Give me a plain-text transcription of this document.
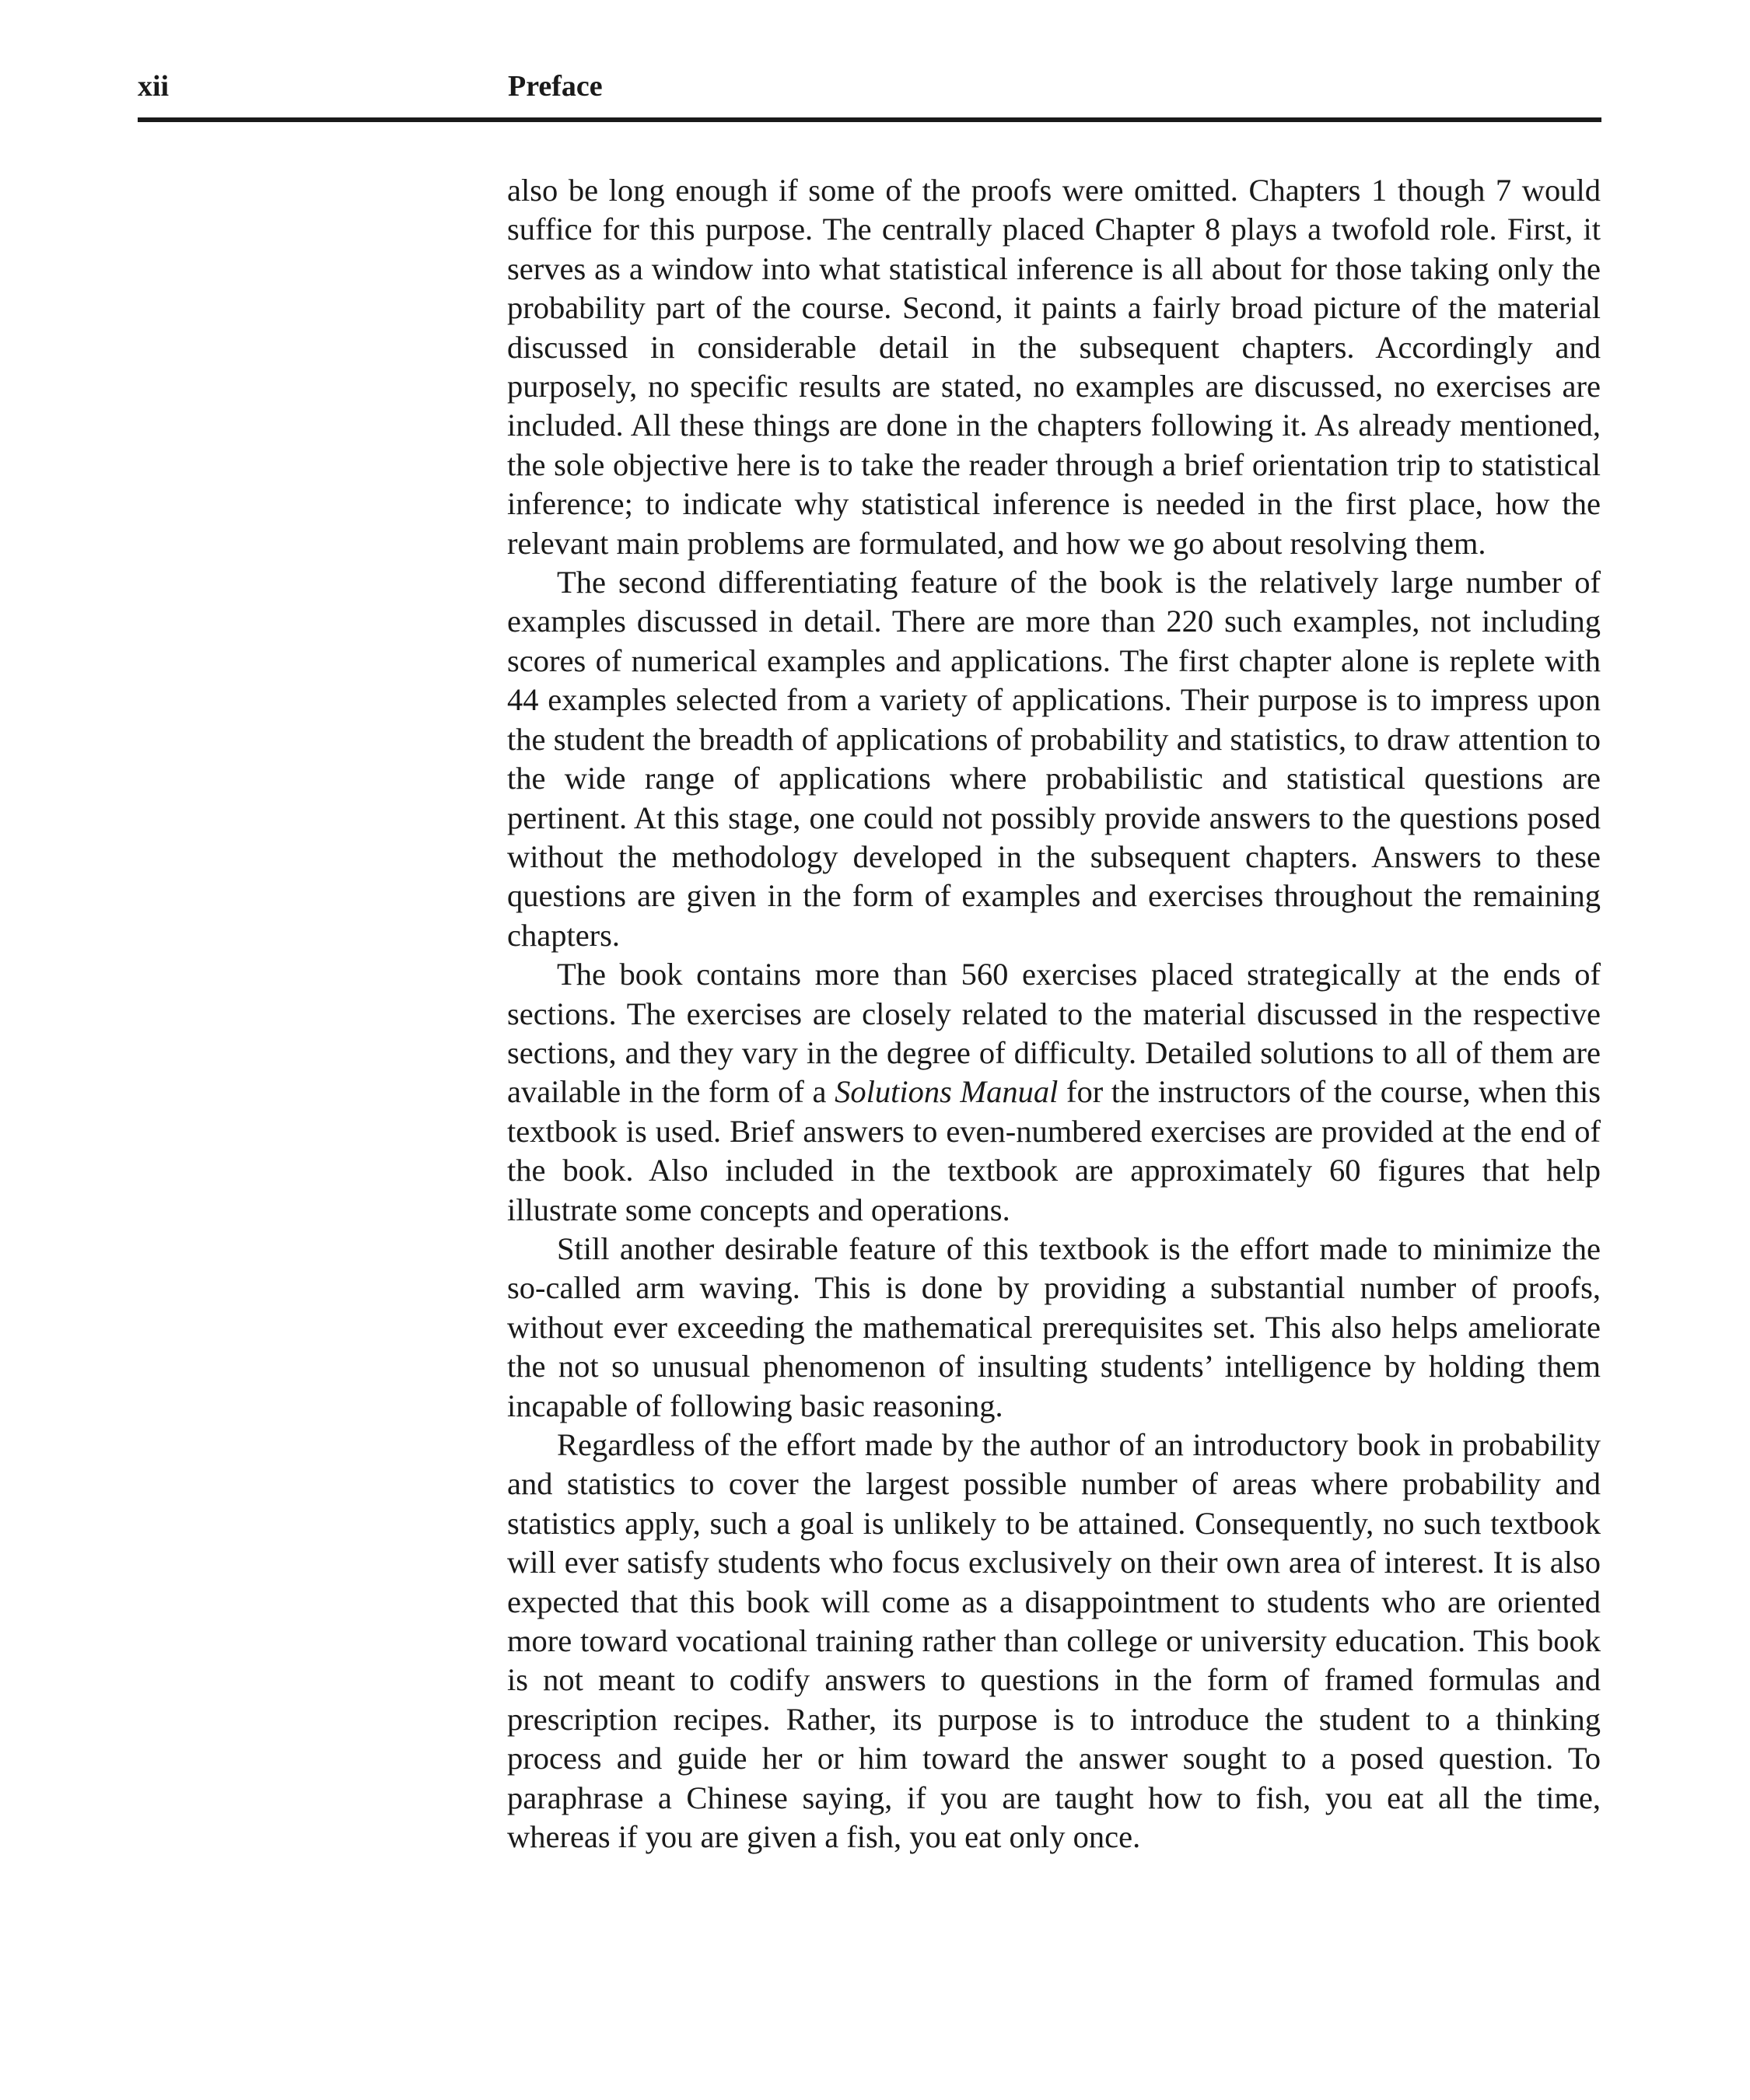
xii	Preface

also be long enough if some of the proofs were omitted. Chapters 1 though 7 would suffice for this purpose. The centrally placed Chapter 8 plays a twofold role. First, it serves as a window into what statistical inference is all about for those taking only the probability part of the course. Second, it paints a fairly broad picture of the material discussed in considerable detail in the subsequent chapters. Accordingly and purposely, no specific results are stated, no examples are discussed, no exercises are included. All these things are done in the chapters following it. As already mentioned, the sole objective here is to take the reader through a brief orientation trip to statistical inference; to indicate why statistical inference is needed in the first place, how the relevant main problems are formulated, and how we go about resolving them.

The second differentiating feature of the book is the relatively large number of examples discussed in detail. There are more than 220 such examples, not including scores of numerical examples and applications. The first chapter alone is replete with 44 examples selected from a variety of applications. Their purpose is to impress upon the student the breadth of applications of probability and statistics, to draw attention to the wide range of applications where probabilistic and statistical questions are pertinent. At this stage, one could not possibly provide answers to the questions posed without the methodology developed in the subsequent chapters. Answers to these questions are given in the form of examples and exercises throughout the remaining chapters.

The book contains more than 560 exercises placed strategically at the ends of sections. The exercises are closely related to the material discussed in the respective sections, and they vary in the degree of difficulty. Detailed solutions to all of them are available in the form of a Solutions Manual for the instructors of the course, when this textbook is used. Brief answers to even-numbered exercises are provided at the end of the book. Also included in the textbook are approximately 60 figures that help illustrate some concepts and operations.

Still another desirable feature of this textbook is the effort made to minimize the so-called arm waving. This is done by providing a substantial number of proofs, without ever exceeding the mathematical prerequisites set. This also helps ameliorate the not so unusual phenomenon of insulting students’ intelligence by holding them incapable of following basic reasoning.

Regardless of the effort made by the author of an introductory book in probability and statistics to cover the largest possible number of areas where probability and statistics apply, such a goal is unlikely to be attained. Consequently, no such textbook will ever satisfy students who focus exclusively on their own area of interest. It is also expected that this book will come as a disappointment to students who are oriented more toward vocational training rather than college or university education. This book is not meant to codify answers to questions in the form of framed formulas and prescription recipes. Rather, its purpose is to introduce the student to a thinking process and guide her or him toward the answer sought to a posed question. To paraphrase a Chinese saying, if you are taught how to fish, you eat all the time, whereas if you are given a fish, you eat only once.
